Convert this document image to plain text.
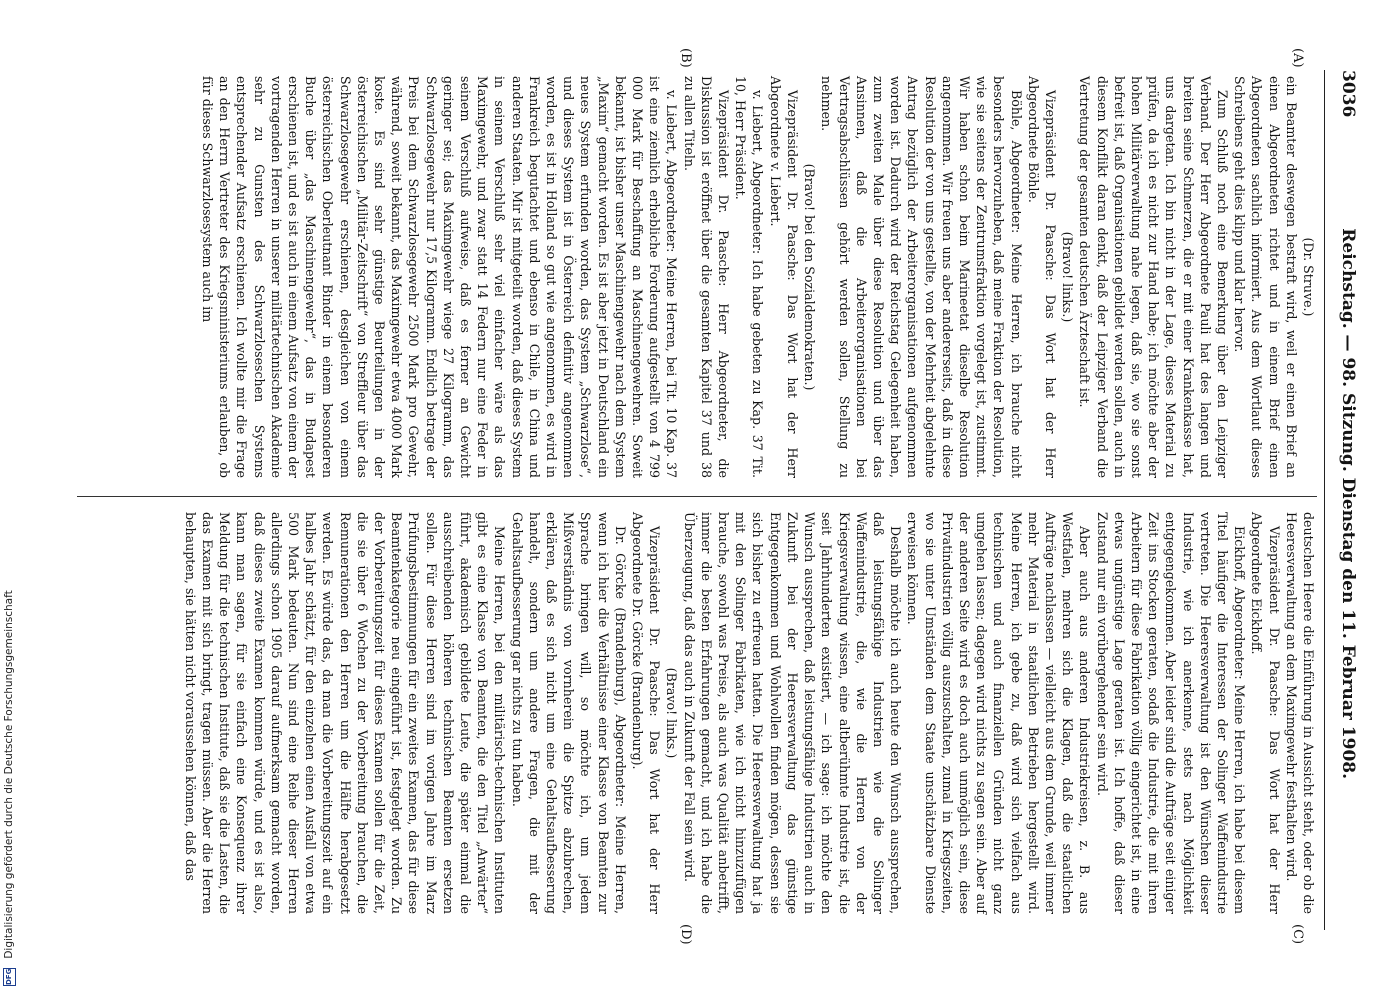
3036
Reichstag. — 98. Sitzung. Dienstag den 11. Februar 1908.
(A)
(B)
(C)
(D)

(Dr. Struve.)

ein Beamter deswegen bestraft wird, weil er einen Brief an einen Abgeordneten richtet und in einem Brief einen Abgeordneten sachlich informiert. Aus dem Wortlaut dieses Schreibens geht dies klipp und klar hervor.

Zum Schluß noch eine Bemerkung über den Leipziger Verband. Der Herr Abgeordnete Pauli hat des langen und breiten seine Schmerzen, die er mit einer Krankenkasse hat, uns dargetan. Ich bin nicht in der Lage, dieses Material zu prüfen, da ich es nicht zur Hand habe; ich möchte aber der hohen Militärverwaltung nahe legen, daß sie, wo sie sonst befreit ist, daß Organisationen gebildet werden sollen, auch in diesem Konflikt daran denkt, daß der Leipziger Verband die Vertretung der gesamten deutschen Ärzteschaft ist.

(Bravo! links.)

Vizepräsident Dr. Paasche: Das Wort hat der Herr Abgeordnete Böhle.

Böhle, Abgeordneter: Meine Herren, ich brauche nicht besonders hervorzuheben, daß meine Fraktion der Resolution, wie sie seitens der Zentrumsfraktion vorgelegt ist, zustimmt. Wir haben schon beim Marineetat dieselbe Resolution angenommen. Wir freuen uns aber andererseits, daß in diese Resolution der von uns gestellte, von der Mehrheit abgelehnte Antrag bezüglich der Arbeiterorganisationen aufgenommen worden ist. Dadurch wird der Reichstag Gelegenheit haben, zum zweiten Male über diese Resolution und über das Ansinnen, daß die Arbeiterorganisationen bei Vertragsabschlüssen gehört werden sollen, Stellung zu nehmen.

(Bravo! bei den Sozialdemokraten.)

Vizepräsident Dr. Paasche: Das Wort hat der Herr Abgeordnete v. Liebert.

v. Liebert, Abgeordneter: Ich habe gebeten zu Kap. 37 Tit. 10, Herr Präsident.

Vizepräsident Dr. Paasche: Herr Abgeordneter, die Diskussion ist eröffnet über die gesamten Kapitel 37 und 38 zu allen Titeln.

v. Liebert, Abgeordneter: Meine Herren, bei Tit. 10 Kap. 37 ist eine ziemlich erhebliche Forderung aufgestellt von 4 799 000 Mark für Beschaffung an Maschinengewehren. Soweit bekannt, ist bisher unser Maschinengewehr nach dem System „Maxim“ gemacht worden. Es ist aber jetzt in Deutschland ein neues System erfunden worden, das System „Schwarzlose“, und dieses System ist in Österreich definitiv angenommen worden, es ist in Holland so gut wie angenommen, es wird in Frankreich begutachtet und ebenso in Chile, in China und anderen Staaten. Mir ist mitgeteilt worden, daß dieses System in seinem Verschluß sehr viel einfacher wäre als das Maximgewehr, und zwar statt 14 Federn nur eine Feder in seinem Verschluß aufweise, daß es ferner an Gewicht geringer sei; das Maximgewehr wiege 27 Kilogramm, das Schwarzlosegewehr nur 17,5 Kilogramm. Endlich betrage der Preis bei dem Schwarzlosegewehr 2500 Mark pro Gewehr, während, soweit bekannt, das Maximgewehr etwa 4000 Mark koste. Es sind sehr günstige Beurteilungen in der österreichischen „Militär-Zeitschrift“ von Streffleur über das Schwarzlosegewehr erschienen, desgleichen von einem österreichischen Oberleutnant Binder in einem besonderen Buche über „das Maschinengewehr“, das in Budapest erschienen ist, und es ist auch in einem Aufsatz von einem der vortragenden Herren in unserer militärtechnischen Akademie sehr zu Gunsten des Schwarzloseschen Systems entsprechender Aufsatz erschienen. Ich wollte mir die Frage an den Herrn Vertreter des Kriegsministeriums erlauben, ob für dieses Schwarzlosesystem auch im

deutschen Heere die Einführung in Aussicht steht, oder ob die Heeresverwaltung an dem Maximgewehr festhalten wird.

Vizepräsident Dr. Paasche: Das Wort hat der Herr Abgeordnete Eickhoff.

Eickhoff, Abgeordneter: Meine Herren, ich habe bei diesem Titel häufiger die Interessen der Solinger Waffenindustrie vertreten. Die Heeresverwaltung ist den Wünschen dieser Industrie, wie ich anerkenne, stets nach Möglichkeit entgegengekommen. Aber leider sind die Aufträge seit einiger Zeit ins Stocken geraten, sodaß die Industrie, die mit ihren Arbeitern für diese Fabrikation völlig eingerichtet ist, in eine etwas ungünstige Lage geraten ist. Ich hoffe, daß dieser Zustand nur ein vorübergehender sein wird.

Aber auch aus anderen Industriekreisen, z. B. aus Westfalen, mehren sich die Klagen, daß die staatlichen Aufträge nachlassen — vielleicht aus dem Grunde, weil immer mehr Material in staatlichen Betrieben hergestellt wird. Meine Herren, ich gebe zu, daß wird sich vielfach aus technischen und auch finanziellen Gründen nicht ganz umgehen lassen; dagegen wird nichts zu sagen sein. Aber auf der anderen Seite wird es doch auch unmöglich sein, diese Privatindustrien völlig auszuschalten, zumal in Kriegszeiten, wo sie unter Umständen dem Staate unschätzbare Dienste erweisen können.

Deshalb möchte ich auch heute den Wunsch aussprechen, daß leistungsfähige Industrien wie die Solinger Waffenindustrie, die, wie die Herren von der Kriegsverwaltung wissen, eine altberühmte Industrie ist, die seit Jahrhunderten existiert, — ich sage: ich möchte den Wunsch aussprechen, daß leistungsfähige Industrien auch in Zukunft bei der Heeresverwaltung das günstige Entgegenkommen und Wohlwollen finden mögen, dessen sie sich bisher zu erfreuen hatten. Die Heeresverwaltung hat ja mit den Solinger Fabrikaten, wie ich nicht hinzuzufügen brauche, sowohl was Preise, als auch was Qualität anbetrifft, immer die besten Erfahrungen gemacht, und ich habe die Überzeugung, daß das auch in Zukunft der Fall sein wird.

(Bravo! links.)

Vizepräsident Dr. Paasche: Das Wort hat der Herr Abgeordnete Dr. Görcke (Brandenburg).

Dr. Görcke (Brandenburg), Abgeordneter: Meine Herren, wenn ich hier die Verhältnisse einer Klasse von Beamten zur Sprache bringen will, so möchte ich, um jedem Mißverständnis von vornherein die Spitze abzubrechen, erklären, daß es sich nicht um eine Gehaltsaufbesserung handelt, sondern um andere Fragen, die mit der Gehaltsaufbesserung gar nichts zu tun haben.

Meine Herren, bei den militärisch-technischen Instituten gibt es eine Klasse von Beamten, die den Titel „Anwärter“ führt, akademisch gebildete Leute, die später einmal die ausschreibenden höheren technischen Beamten ersetzen sollen. Für diese Herren sind im vorigen Jahre im Marz Prüfungsbestimmungen für ein zweites Examen, das für diese Beamtenkategorie neu eingeführt ist, festgelegt worden. Zu der Vorbereitungszeit für dieses Examen sollen für die Zeit, die sie über 6 Wochen zu der Vorbereitung brauchen, die Remunerationen den Herren um die Hälfte herabgesetzt werden. Es würde das, da man die Vorbereitungszeit auf ein halbes Jahr schätzt, für den einzelnen einen Ausfall von etwa 500 Mark bedeuten. Nun sind eine Reihe dieser Herren allerdings schon 1905 darauf aufmerksam gemacht worden, daß dieses zweite Examen kommen würde, und es ist also, kann man sagen, für sie einfach eine Konsequenz ihrer Meldung für die technischen Institute, daß sie die Lasten, die das Examen mit sich bringt, tragen müssen. Aber die Herren behaupten, sie hätten nicht voraussehen können, daß das

DFG Digitalisierung gefördert durch die Deutsche Forschungsgemeinschaft
